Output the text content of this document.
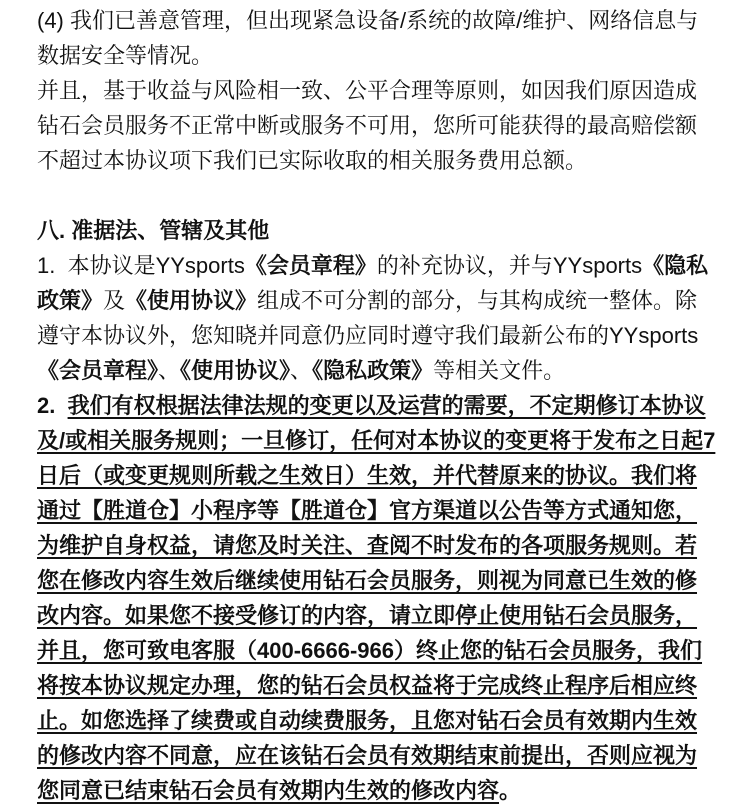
(4) 我们已善意管理，但出现紧急设备/系统的故障/维护、网络信息与数据安全等情况。

并且，基于收益与风险相一致、公平合理等原则，如因我们原因造成钻石会员服务不正常中断或服务不可用，您所可能获得的最高赔偿额不超过本协议项下我们已实际收取的相关服务费用总额。

八. 准据法、管辖及其他

1.  本协议是YYsports《会员章程》的补充协议，并与YYsports《隐私政策》及《使用协议》组成不可分割的部分，与其构成统一整体。除遵守本协议外，您知晓并同意仍应同时遵守我们最新公布的YYsports《会员章程》、《使用协议》、《隐私政策》等相关文件。

2.  我们有权根据法律法规的变更以及运营的需要，不定期修订本协议及/或相关服务规则；一旦修订，任何对本协议的变更将于发布之日起7日后（或变更规则所载之生效日）生效，并代替原来的协议。我们将通过【胜道仓】小程序等【胜道仓】官方渠道以公告等方式通知您，为维护自身权益，请您及时关注、查阅不时发布的各项服务规则。若您在修改内容生效后继续使用钻石会员服务，则视为同意已生效的修改内容。如果您不接受修订的内容，请立即停止使用钻石会员服务，并且，您可致电客服（400-6666-966）终止您的钻石会员服务，我们将按本协议规定办理，您的钻石会员权益将于完成终止程序后相应终止。如您选择了续费或自动续费服务，且您对钻石会员有效期内生效的修改内容不同意，应在该钻石会员有效期结束前提出，否则应视为您同意已结束钻石会员有效期内生效的修改内容。
